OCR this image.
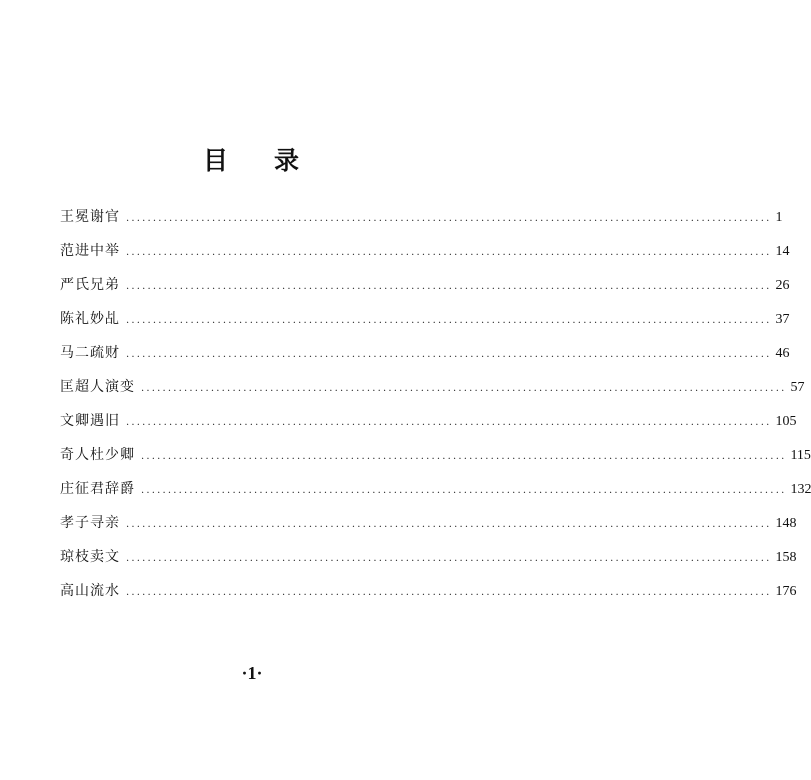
目 录
王冕谢官 ........................................................................................................................ 1
范进中举 ........................................................................................................................ 14
严氏兄弟 ........................................................................................................................ 26
陈礼妙乩 ........................................................................................................................ 37
马二疏财 ........................................................................................................................ 46
匡超人演变 ........................................................................................................................ 57
文卿遇旧 ........................................................................................................................ 105
奇人杜少卿 ........................................................................................................................ 115
庄征君辞爵 ........................................................................................................................ 132
孝子寻亲 ........................................................................................................................ 148
琼枝卖文 ........................................................................................................................ 158
高山流水 ........................................................................................................................ 176
·1·
